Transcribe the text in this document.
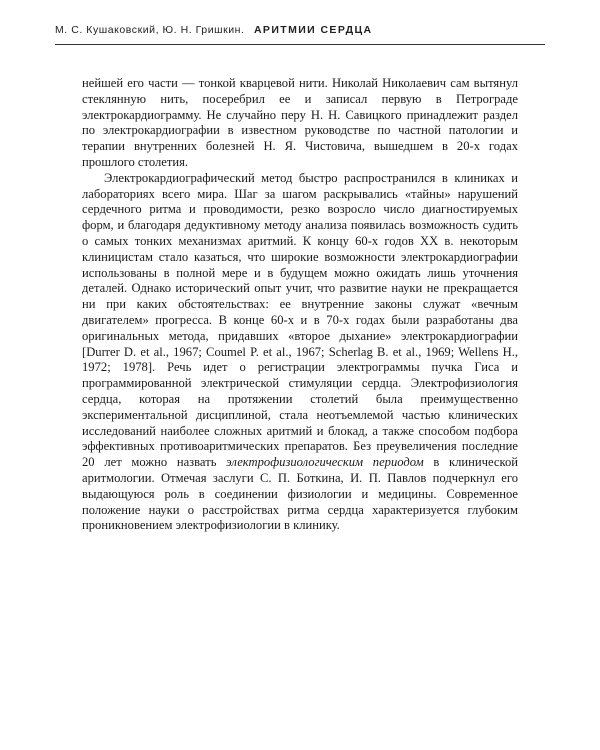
М. С. Кушаковский, Ю. Н. Гришкин. АРИТМИИ СЕРДЦА

нейшей его части — тонкой кварцевой нити. Николай Николаевич сам вытянул стеклянную нить, посеребрил ее и записал первую в Петрограде электрокардиограмму. Не случайно перу Н. Н. Савицкого принадлежит раздел по электрокардиографии в известном руководстве по частной патологии и терапии внутренних болезней Н. Я. Чистовича, вышедшем в 20-х годах прошлого столетия.

Электрокардиографический метод быстро распространился в клиниках и лабораториях всего мира. Шаг за шагом раскрывались «тайны» нарушений сердечного ритма и проводимости, резко возросло число диагностируемых форм, и благодаря дедуктивному методу анализа появилась возможность судить о самых тонких механизмах аритмий. К концу 60-х годов XX в. некоторым клиницистам стало казаться, что широкие возможности электрокардиографии использованы в полной мере и в будущем можно ожидать лишь уточнения деталей. Однако исторический опыт учит, что развитие науки не прекращается ни при каких обстоятельствах: ее внутренние законы служат «вечным двигателем» прогресса. В конце 60-х и в 70-х годах были разработаны два оригинальных метода, придавших «второе дыхание» электрокардиографии [Durrer D. et al., 1967; Coumel P. et al., 1967; Scherlag B. et al., 1969; Wellens H., 1972; 1978]. Речь идет о регистрации электрограммы пучка Гиса и программированной электрической стимуляции сердца. Электрофизиология сердца, которая на протяжении столетий была преимущественно экспериментальной дисциплиной, стала неотъемлемой частью клинических исследований наиболее сложных аритмий и блокад, а также способом подбора эффективных противоаритмических препаратов. Без преувеличения последние 20 лет можно назвать электрофизиологическим периодом в клинической аритмологии. Отмечая заслуги С. П. Боткина, И. П. Павлов подчеркнул его выдающуюся роль в соединении физиологии и медицины. Современное положение науки о расстройствах ритма сердца характеризуется глубоким проникновением электрофизиологии в клинику.
